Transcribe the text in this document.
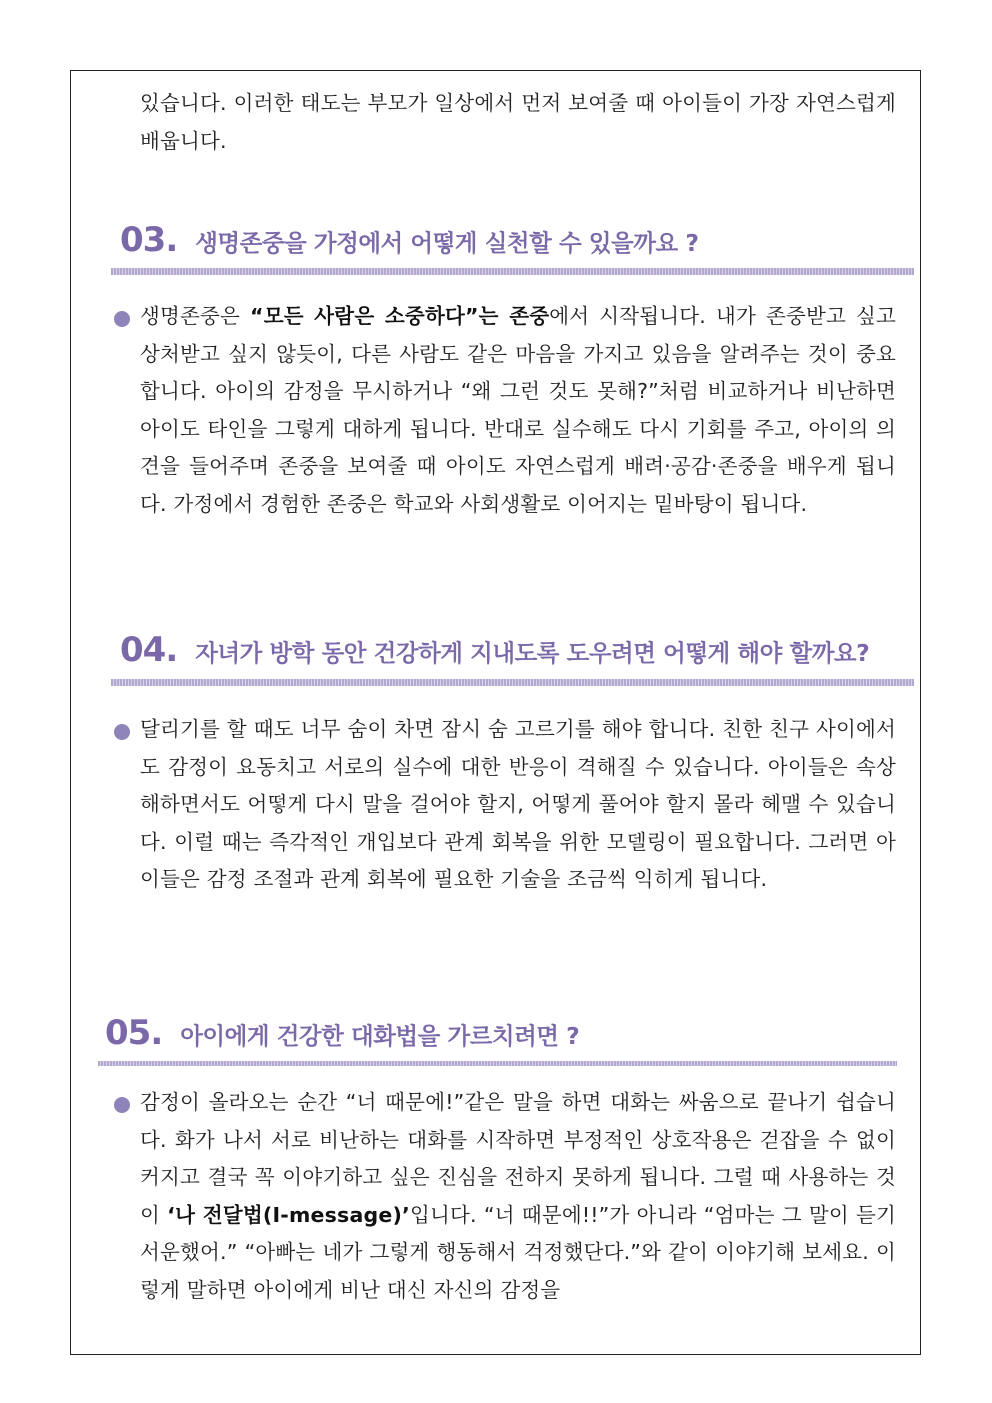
있습니다. 이러한 태도는 부모가 일상에서 먼저 보여줄 때 아이들이 가장 자연스럽게 배웁니다.
03. 생명존중을 가정에서 어떻게 실천할 수 있을까요 ?
생명존중은 “모든 사람은 소중하다”는 존중에서 시작됩니다. 내가 존중받고 싶고 상처받고 싶지 않듯이, 다른 사람도 같은 마음을 가지고 있음을 알려주는 것이 중요합니다. 아이의 감정을 무시하거나 “왜 그런 것도 못해?”처럼 비교하거나 비난하면 아이도 타인을 그렇게 대하게 됩니다. 반대로 실수해도 다시 기회를 주고, 아이의 의견을 들어주며 존중을 보여줄 때 아이도 자연스럽게 배려·공감·존중을 배우게 됩니다. 가정에서 경험한 존중은 학교와 사회생활로 이어지는 밑바탕이 됩니다.
04. 자녀가 방학 동안 건강하게 지내도록 도우려면 어떻게 해야 할까요?
달리기를 할 때도 너무 숨이 차면 잠시 숨 고르기를 해야 합니다. 친한 친구 사이에서도 감정이 요동치고 서로의 실수에 대한 반응이 격해질 수 있습니다. 아이들은 속상해하면서도 어떻게 다시 말을 걸어야 할지, 어떻게 풀어야 할지 몰라 헤맬 수 있습니다. 이럴 때는 즉각적인 개입보다 관계 회복을 위한 모델링이 필요합니다. 그러면 아이들은 감정 조절과 관계 회복에 필요한 기술을 조금씩 익히게 됩니다.
05. 아이에게 건강한 대화법을 가르치려면 ?
감정이 올라오는 순간 “너 때문에!”같은 말을 하면 대화는 싸움으로 끝나기 쉽습니다. 화가 나서 서로 비난하는 대화를 시작하면 부정적인 상호작용은 걷잡을 수 없이 커지고 결국 꼭 이야기하고 싶은 진심을 전하지 못하게 됩니다. 그럴 때 사용하는 것이 ‘나 전달법(I-message)’입니다. “너 때문에!!”가 아니라 “엄마는 그 말이 듣기 서운했어.” “아빠는 네가 그렇게 행동해서 걱정했단다.”와 같이 이야기해 보세요. 이렇게 말하면 아이에게 비난 대신 자신의 감정을
